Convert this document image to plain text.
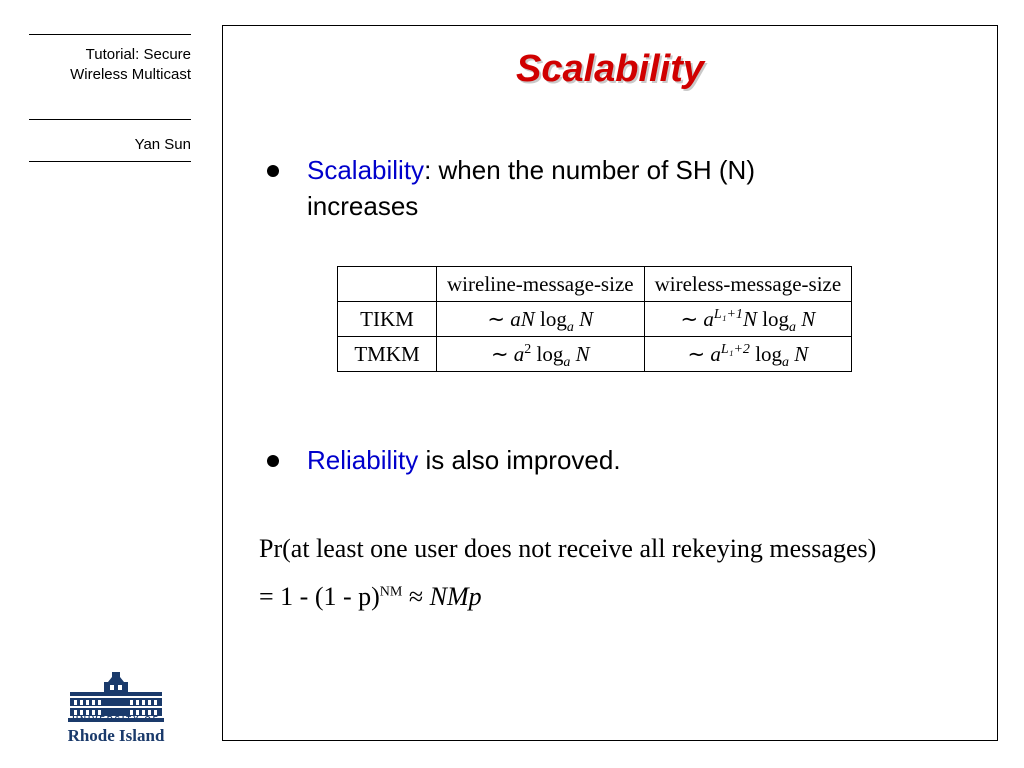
Tutorial: Secure
Wireless Multicast
Yan Sun
UNIVERSITY OF
Rhode Island
Scalability
Scalability: when the number of SH (N)
increases
	wireline-message-size	wireless-message-size
TIKM	∼ aN $\log_a N$	∼ $a^{L_1+1}N$ $\log_a N$
TMKM	∼ $a^2$ $\log_a N$	∼ $a^{L_1+2}$ $\log_a N$
Reliability is also improved.
Pr(at least one user does not receive all rekeying messages)
= 1 - (1 - p)$^{NM}$ ≈ NMp
